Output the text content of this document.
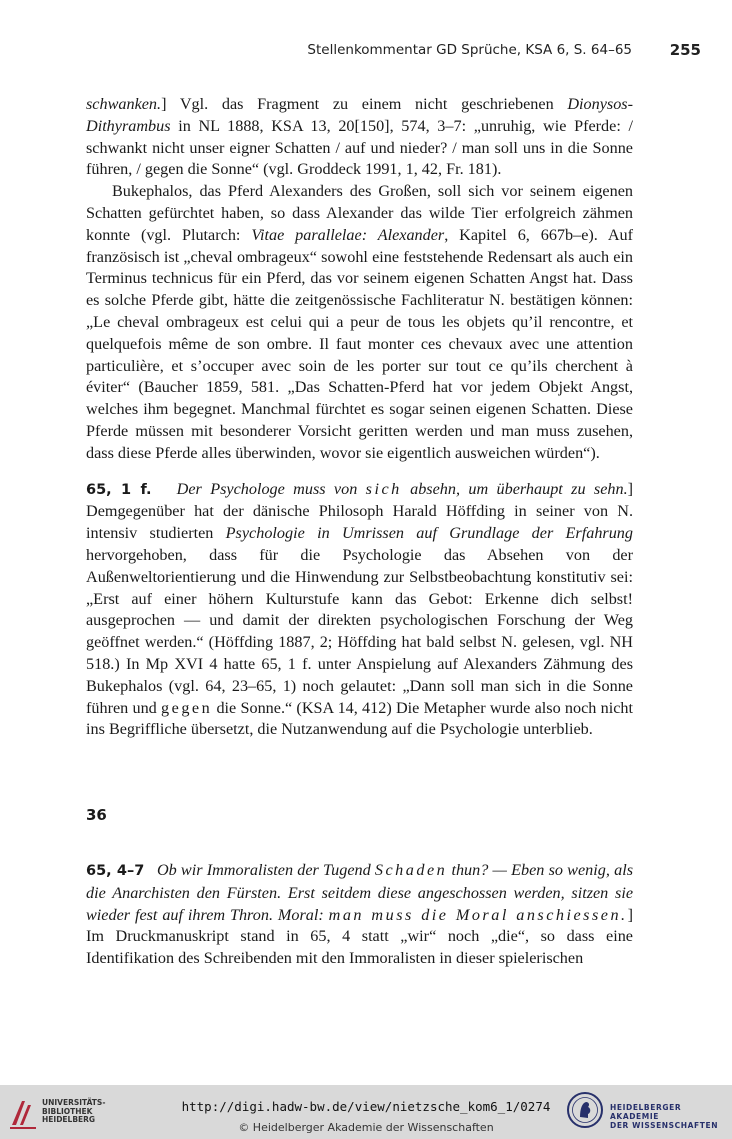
Stellenkommentar GD Sprüche, KSA 6, S. 64–65	255

schwanken.] Vgl. das Fragment zu einem nicht geschriebenen Dionysos-Dithyrambus in NL 1888, KSA 13, 20[150], 574, 3–7: „unruhig, wie Pferde: / schwankt nicht unser eigner Schatten / auf und nieder? / man soll uns in die Sonne führen, / gegen die Sonne“ (vgl. Groddeck 1991, 1, 42, Fr. 181).

Bukephalos, das Pferd Alexanders des Großen, soll sich vor seinem eigenen Schatten gefürchtet haben, so dass Alexander das wilde Tier erfolgreich zähmen konnte (vgl. Plutarch: Vitae parallelae: Alexander, Kapitel 6, 667b–e). Auf französisch ist „cheval ombrageux“ sowohl eine feststehende Redensart als auch ein Terminus technicus für ein Pferd, das vor seinem eigenen Schatten Angst hat. Dass es solche Pferde gibt, hätte die zeitgenössische Fachliteratur N. bestätigen können: „Le cheval ombrageux est celui qui a peur de tous les objets qu’il rencontre, et quelquefois même de son ombre. Il faut monter ces chevaux avec une attention particulière, et s’occuper avec soin de les porter sur tout ce qu’ils cherchent à éviter“ (Baucher 1859, 581. „Das Schatten-Pferd hat vor jedem Objekt Angst, welches ihm begegnet. Manchmal fürchtet es sogar seinen eigenen Schatten. Diese Pferde müssen mit besonderer Vorsicht geritten werden und man muss zusehen, dass diese Pferde alles überwinden, wovor sie eigentlich ausweichen würden“).

65, 1 f. Der Psychologe muss von sich absehn, um überhaupt zu sehn.] Demgegenüber hat der dänische Philosoph Harald Höffding in seiner von N. intensiv studierten Psychologie in Umrissen auf Grundlage der Erfahrung hervorgehoben, dass für die Psychologie das Absehen von der Außenweltorientierung und die Hinwendung zur Selbstbeobachtung konstitutiv sei: „Erst auf einer höhern Kulturstufe kann das Gebot: Erkenne dich selbst! ausgeprochen — und damit der direkten psychologischen Forschung der Weg geöffnet werden.“ (Höffding 1887, 2; Höffding hat bald selbst N. gelesen, vgl. NH 518.) In Mp XVI 4 hatte 65, 1 f. unter Anspielung auf Alexanders Zähmung des Bukephalos (vgl. 64, 23–65, 1) noch gelautet: „Dann soll man sich in die Sonne führen und gegen die Sonne.“ (KSA 14, 412) Die Metapher wurde also noch nicht ins Begriffliche übersetzt, die Nutzanwendung auf die Psychologie unterblieb.

36

65, 4–7 Ob wir Immoralisten der Tugend Schaden thun? — Eben so wenig, als die Anarchisten den Fürsten. Erst seitdem diese angeschossen werden, sitzen sie wieder fest auf ihrem Thron. Moral: man muss die Moral anschiessen.] Im Druckmanuskript stand in 65, 4 statt „wir“ noch „die“, so dass eine Identifikation des Schreibenden mit den Immoralisten in dieser spielerischen

UNIVERSITÄTS-
BIBLIOTHEK
HEIDELBERG
http://digi.hadw-bw.de/view/nietzsche_kom6_1/0274
© Heidelberger Akademie der Wissenschaften
HEIDELBERGER AKADEMIE
DER WISSENSCHAFTEN
